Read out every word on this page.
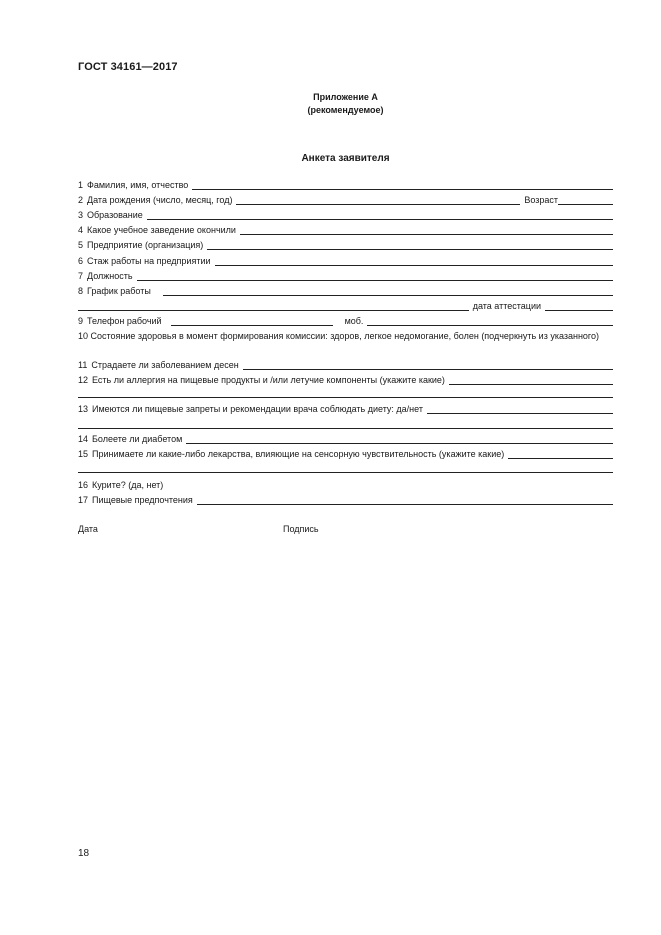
ГОСТ 34161—2017
Приложение А
(рекомендуемое)
Анкета заявителя
1 Фамилия, имя, отчество
2 Дата рождения (число, месяц, год)	Возраст
3 Образование
4 Какое учебное заведение окончили
5 Предприятие (организация)
6 Стаж работы на предприятии
7 Должность
8 График работы
дата аттестации
9 Телефон рабочий	моб.
10 Состояние здоровья в момент формирования комиссии: здоров, легкое недомогание, болен (подчеркнуть из указанного)
11 Страдаете ли заболеванием десен
12 Есть ли аллергия на пищевые продукты и /или летучие компоненты (укажите какие)
13 Имеются ли пищевые запреты и рекомендации врача соблюдать диету: да/нет
14 Болеете ли диабетом
15 Принимаете ли какие-либо лекарства, влияющие на сенсорную чувствительность (укажите какие)
16 Курите? (да, нет)
17 Пищевые предпочтения
Дата	Подпись
18
